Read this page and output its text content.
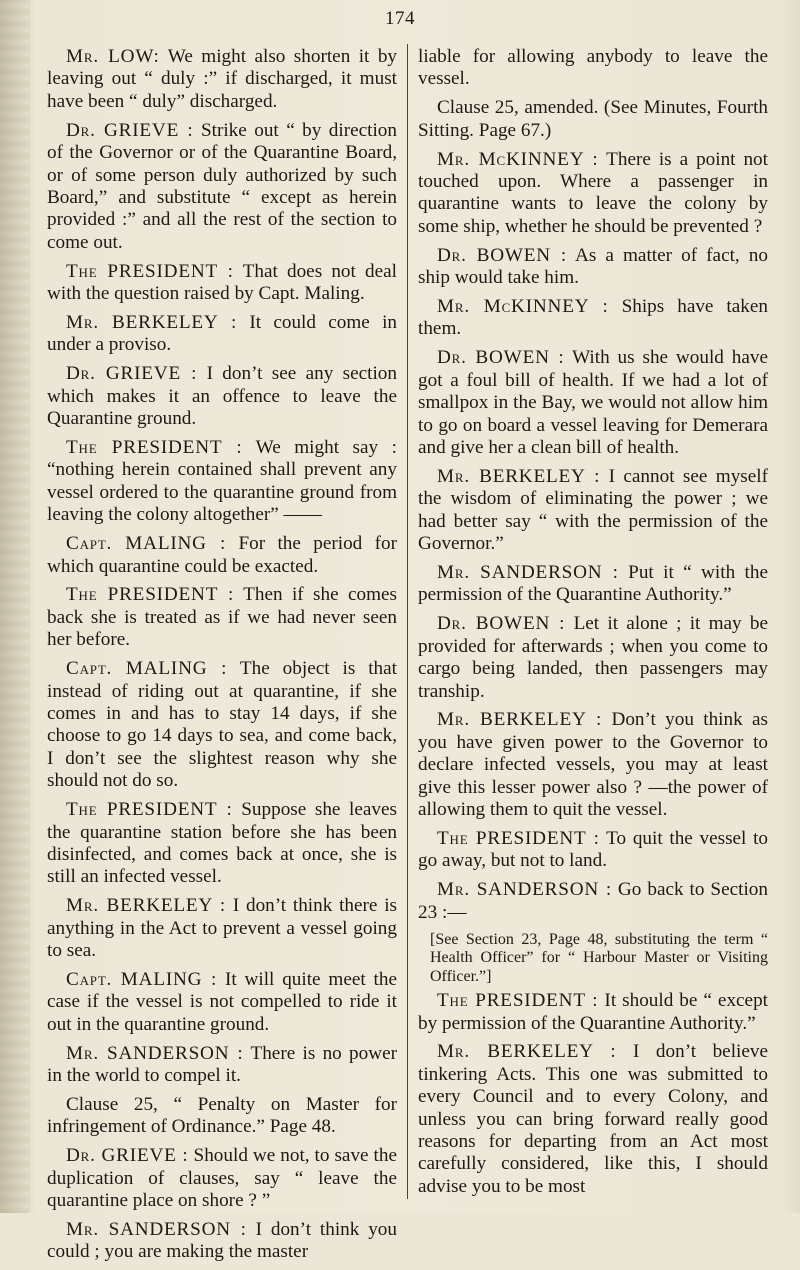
174

Mr. LOW: We might also shorten it by leaving out “ duly :” if discharged, it must have been “ duly” discharged.

Dr. GRIEVE : Strike out “ by direction of the Governor or of the Quarantine Board, or of some person duly authorized by such Board,” and substitute “ except as herein provided :” and all the rest of the section to come out.

The PRESIDENT : That does not deal with the question raised by Capt. Maling.

Mr. BERKELEY : It could come in under a proviso.

Dr. GRIEVE : I don’t see any section which makes it an offence to leave the Quarantine ground.

The PRESIDENT : We might say : “nothing herein contained shall prevent any vessel ordered to the quarantine ground from leaving the colony altogether” ——

Capt. MALING : For the period for which quarantine could be exacted.

The PRESIDENT : Then if she comes back she is treated as if we had never seen her before.

Capt. MALING : The object is that instead of riding out at quarantine, if she comes in and has to stay 14 days, if she choose to go 14 days to sea, and come back, I don’t see the slightest reason why she should not do so.

The PRESIDENT : Suppose she leaves the quarantine station before she has been disinfected, and comes back at once, she is still an infected vessel.

Mr. BERKELEY : I don’t think there is anything in the Act to prevent a vessel going to sea.

Capt. MALING : It will quite meet the case if the vessel is not compelled to ride it out in the quarantine ground.

Mr. SANDERSON : There is no power in the world to compel it.

Clause 25, “ Penalty on Master for infringement of Ordinance.” Page 48.

Dr. GRIEVE : Should we not, to save the duplication of clauses, say “ leave the quarantine place on shore ? ”

Mr. SANDERSON : I don’t think you could ; you are making the master

liable for allowing anybody to leave the vessel.

Clause 25, amended. (See Minutes, Fourth Sitting. Page 67.)

Mr. McKINNEY : There is a point not touched upon. Where a passenger in quarantine wants to leave the colony by some ship, whether he should be prevented ?

Dr. BOWEN : As a matter of fact, no ship would take him.

Mr. McKINNEY : Ships have taken them.

Dr. BOWEN : With us she would have got a foul bill of health. If we had a lot of smallpox in the Bay, we would not allow him to go on board a vessel leaving for Demerara and give her a clean bill of health.

Mr. BERKELEY : I cannot see myself the wisdom of eliminating the power ; we had better say “ with the permission of the Governor.”

Mr. SANDERSON : Put it “ with the permission of the Quarantine Authority.”

Dr. BOWEN : Let it alone ; it may be provided for afterwards ; when you come to cargo being landed, then passengers may tranship.

Mr. BERKELEY : Don’t you think as you have given power to the Governor to declare infected vessels, you may at least give this lesser power also ? —the power of allowing them to quit the vessel.

The PRESIDENT : To quit the vessel to go away, but not to land.

Mr. SANDERSON : Go back to Section 23 :—

[See Section 23, Page 48, substituting the term “ Health Officer” for “ Harbour Master or Visiting Officer.”]

The PRESIDENT : It should be “ except by permission of the Quarantine Authority.”

Mr. BERKELEY : I don’t believe tinkering Acts. This one was submitted to every Council and to every Colony, and unless you can bring forward really good reasons for departing from an Act most carefully considered, like this, I should advise you to be most
